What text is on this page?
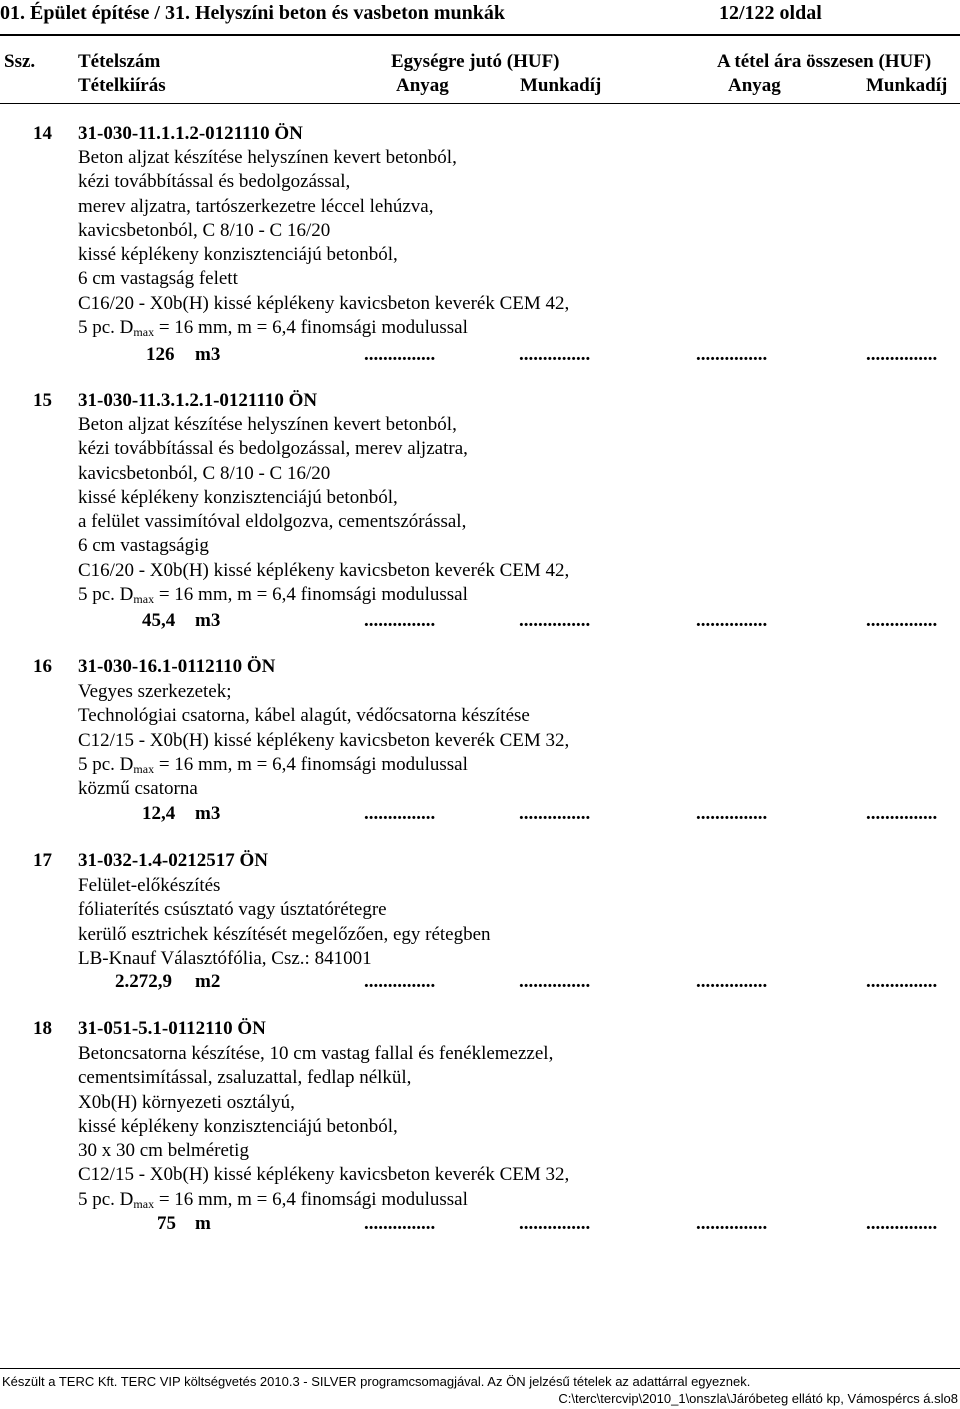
01. Épület építése / 31. Helyszíni beton és vasbeton munkák	12/122 oldal
Ssz. Tételszám
Tételkiírás
Egységre jutó (HUF)	A tétel ára összesen (HUF)
Anyag	Munkadíj	Anyag	Munkadíj
14 31-030-11.1.1.2-0121110 ÖN
Beton aljzat készítése helyszínen kevert betonból,
kézi továbbítással és bedolgozással,
merev aljzatra, tartószerkezetre léccel lehúzva,
kavicsbetonból, C 8/10 - C 16/20
kissé képlékeny konzisztenciájú betonból,
6 cm vastagság felett
C16/20 - X0b(H) kissé képlékeny kavicsbeton keverék CEM 42,
5 pc. $D_{max} = 16$ mm, m = 6,4 finomsági modulussal
126 m3	...............	...............	...............	...............
15 31-030-11.3.1.2.1-0121110 ÖN
Beton aljzat készítése helyszínen kevert betonból,
kézi továbbítással és bedolgozással, merev aljzatra,
kavicsbetonból, C 8/10 - C 16/20
kissé képlékeny konzisztenciájú betonból,
a felület vassimítóval eldolgozva, cementszórással,
6 cm vastagságig
C16/20 - X0b(H) kissé képlékeny kavicsbeton keverék CEM 42,
5 pc. $D_{max} = 16$ mm, m = 6,4 finomsági modulussal
45,4 m3	...............	...............	...............	...............
16 31-030-16.1-0112110 ÖN
Vegyes szerkezetek;
Technológiai csatorna, kábel alagút, védőcsatorna készítése
C12/15 - X0b(H) kissé képlékeny kavicsbeton keverék CEM 32,
5 pc. $D_{max} = 16$ mm, m = 6,4 finomsági modulussal
közmű csatorna
12,4 m3	...............	...............	...............	...............
17 31-032-1.4-0212517 ÖN
Felület-előkészítés
fóliaterítés csúsztató vagy úsztatórétegre
kerülő esztrichek készítését megelőzően, egy rétegben
LB-Knauf Választófólia, Csz.: 841001
2.272,9 m2	...............	...............	...............	...............
18 31-051-5.1-0112110 ÖN
Betoncsatorna készítése, 10 cm vastag fallal és fenéklemezzel,
cementsimítással, zsaluzattal, fedlap nélkül,
X0b(H) környezeti osztályú,
kissé képlékeny konzisztenciájú betonból,
30 x 30 cm belméretig
C12/15 - X0b(H) kissé képlékeny kavicsbeton keverék CEM 32,
5 pc. $D_{max} = 16$ mm, m = 6,4 finomsági modulussal
75 m	...............	...............	...............	...............
Készült a TERC Kft. TERC VIP költségvetés 2010.3 - SILVER programcsomagjával. Az ÖN jelzésű tételek az adattárral egyeznek.
C:\terc\tercvip\2010_1\onszla\Járóbeteg ellátó kp, Vámospércs á.slo8
